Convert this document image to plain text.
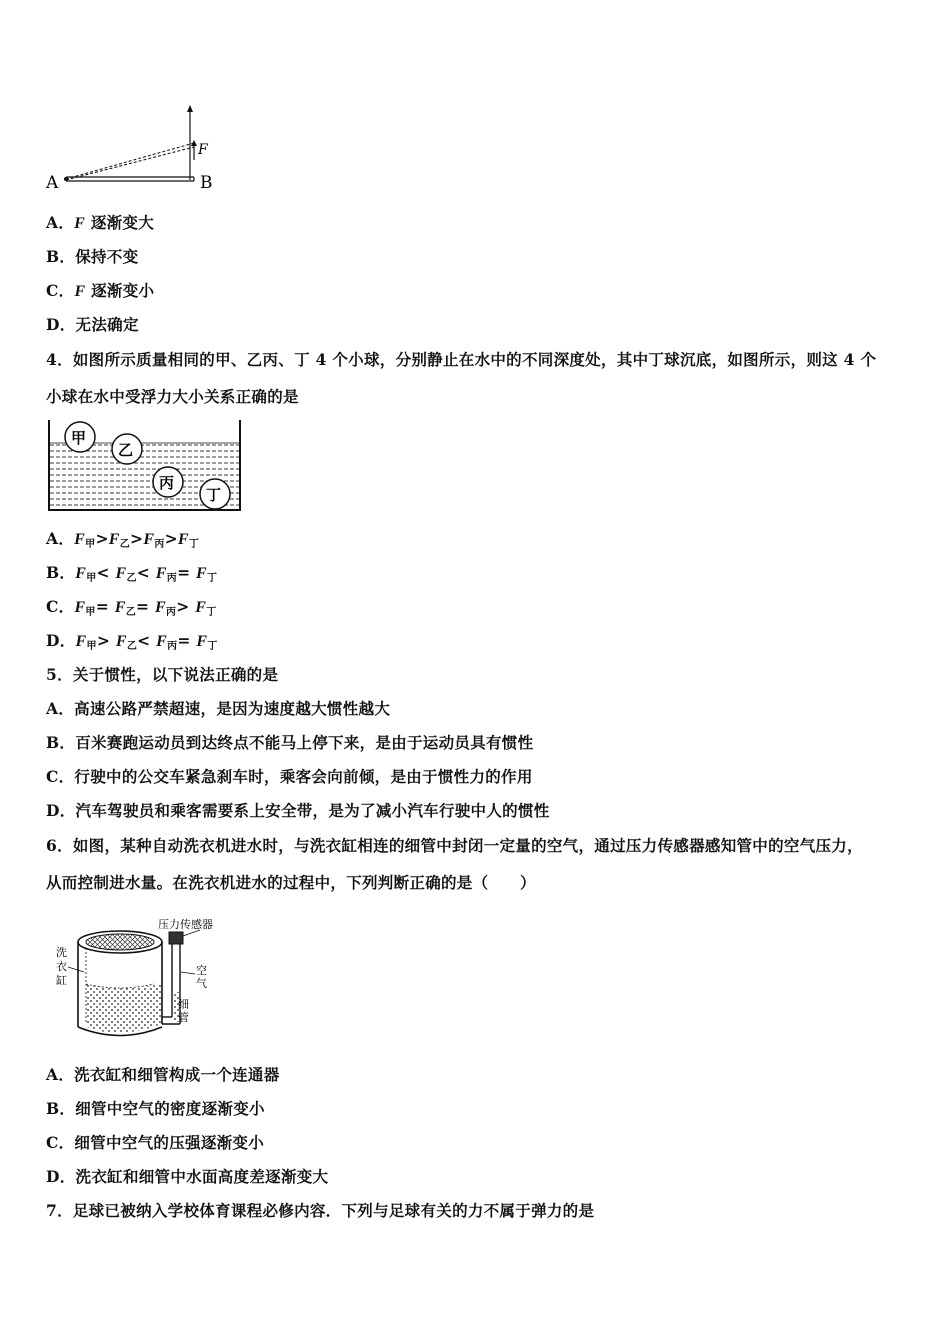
A	B
F
A．F 逐渐变大
B．保持不变
C．F 逐渐变小
D．无法确定
4．如图所示质量相同的甲、乙丙、丁 4 个小球，分别静止在水中的不同深度处，其中丁球沉底，如图所示，则这 4 个
小球在水中受浮力大小关系正确的是
甲
乙
丙
丁
A．$F_甲>F_乙>F_丙>F_丁$
B．$F_甲< F_乙< F_丙= F_丁$
C．$F_甲= F_乙= F_丙> F_丁$
D．$F_甲> F_乙< F_丙= F_丁$
5．关于惯性，以下说法正确的是
A．高速公路严禁超速，是因为速度越大惯性越大
B．百米赛跑运动员到达终点不能马上停下来，是由于运动员具有惯性
C．行驶中的公交车紧急刹车时，乘客会向前倾，是由于惯性力的作用
D．汽车驾驶员和乘客需要系上安全带，是为了减小汽车行驶中人的惯性
6．如图，某种自动洗衣机进水时，与洗衣缸相连的细管中封闭一定量的空气，通过压力传感器感知管中的空气压力，
从而控制进水量。在洗衣机进水的过程中，下列判断正确的是（　　）
压力传感器
空
气
细
管
洗
衣
缸
A．洗衣缸和细管构成一个连通器
B．细管中空气的密度逐渐变小
C．细管中空气的压强逐渐变小
D．洗衣缸和细管中水面高度差逐渐变大
7．足球已被纳入学校体育课程必修内容．下列与足球有关的力不属于弹力的是
